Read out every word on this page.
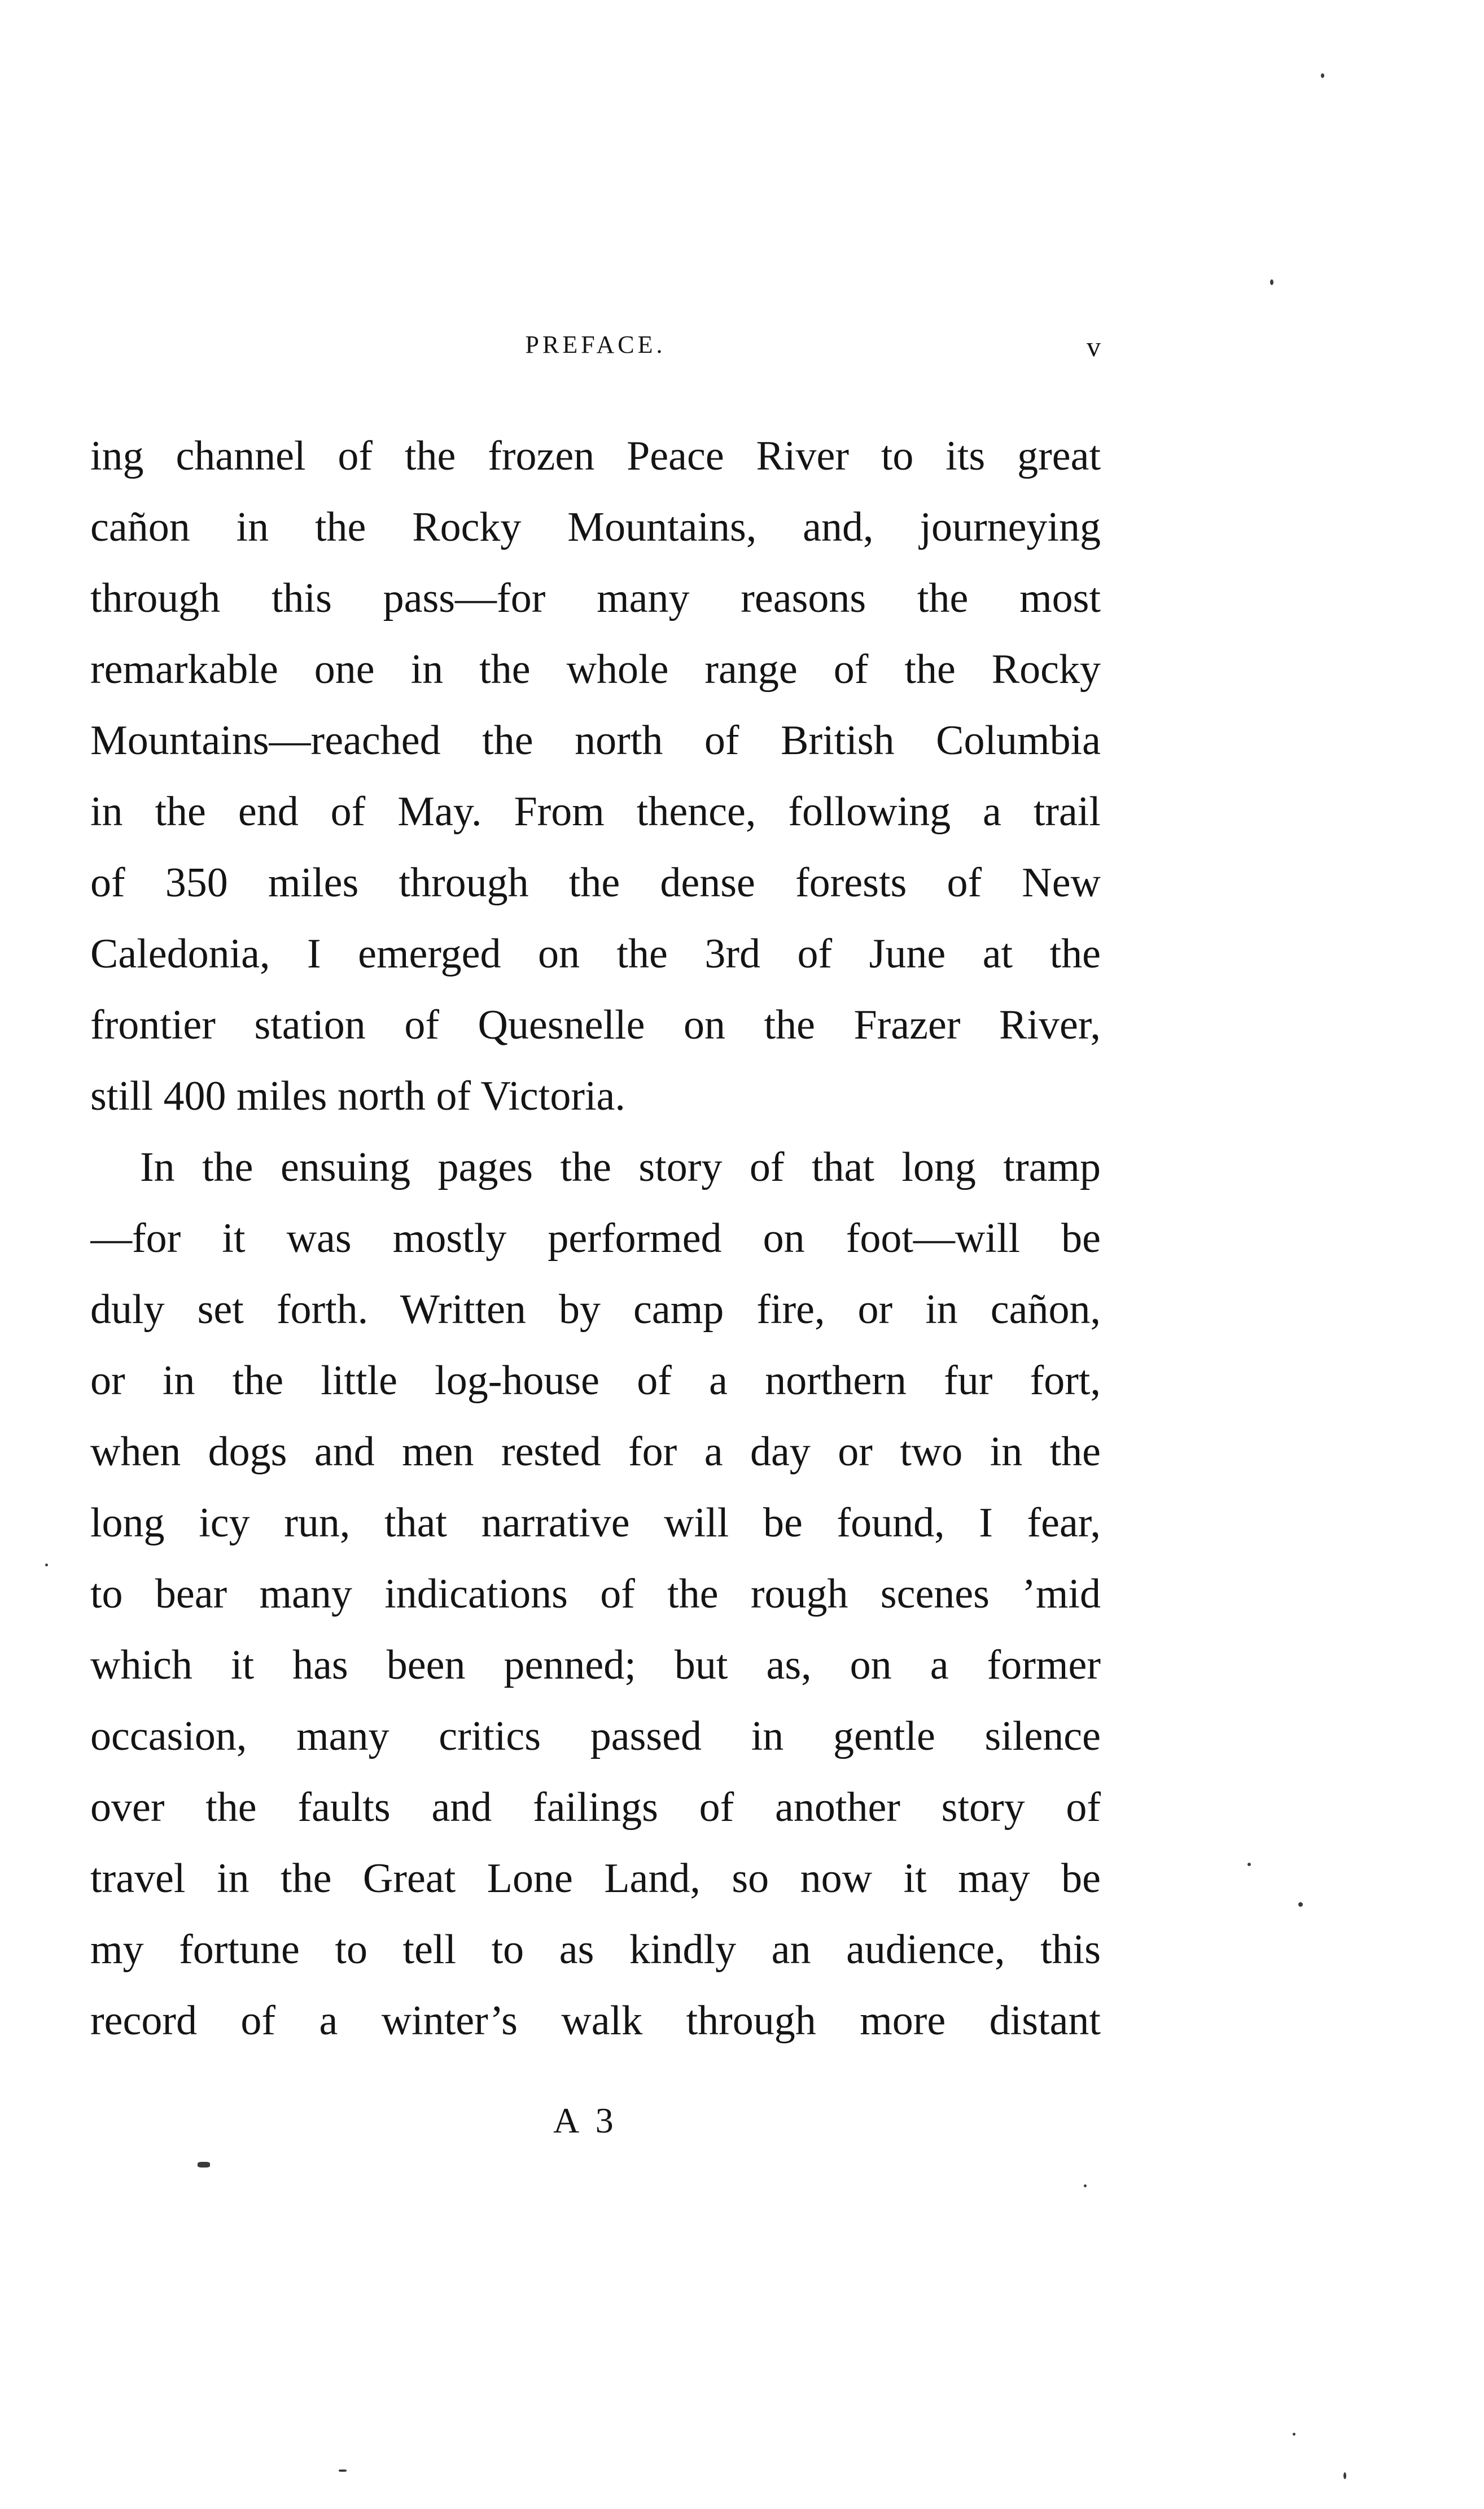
PREFACE.	v
ing channel of the frozen Peace River to its great
cañon in the Rocky Mountains, and, journeying
through this pass—for many reasons the most
remarkable one in the whole range of the Rocky
Mountains—reached the north of British Columbia
in the end of May. From thence, following a trail
of 350 miles through the dense forests of New
Caledonia, I emerged on the 3rd of June at the
frontier station of Quesnelle on the Frazer River,
still 400 miles north of Victoria.
In the ensuing pages the story of that long tramp
—for it was mostly performed on foot—will be
duly set forth. Written by camp fire, or in cañon,
or in the little log-house of a northern fur fort,
when dogs and men rested for a day or two in the
long icy run, that narrative will be found, I fear,
to bear many indications of the rough scenes ’mid
which it has been penned; but as, on a former
occasion, many critics passed in gentle silence
over the faults and failings of another story of
travel in the Great Lone Land, so now it may be
my fortune to tell to as kindly an audience, this
record of a winter’s walk through more distant
A 3
